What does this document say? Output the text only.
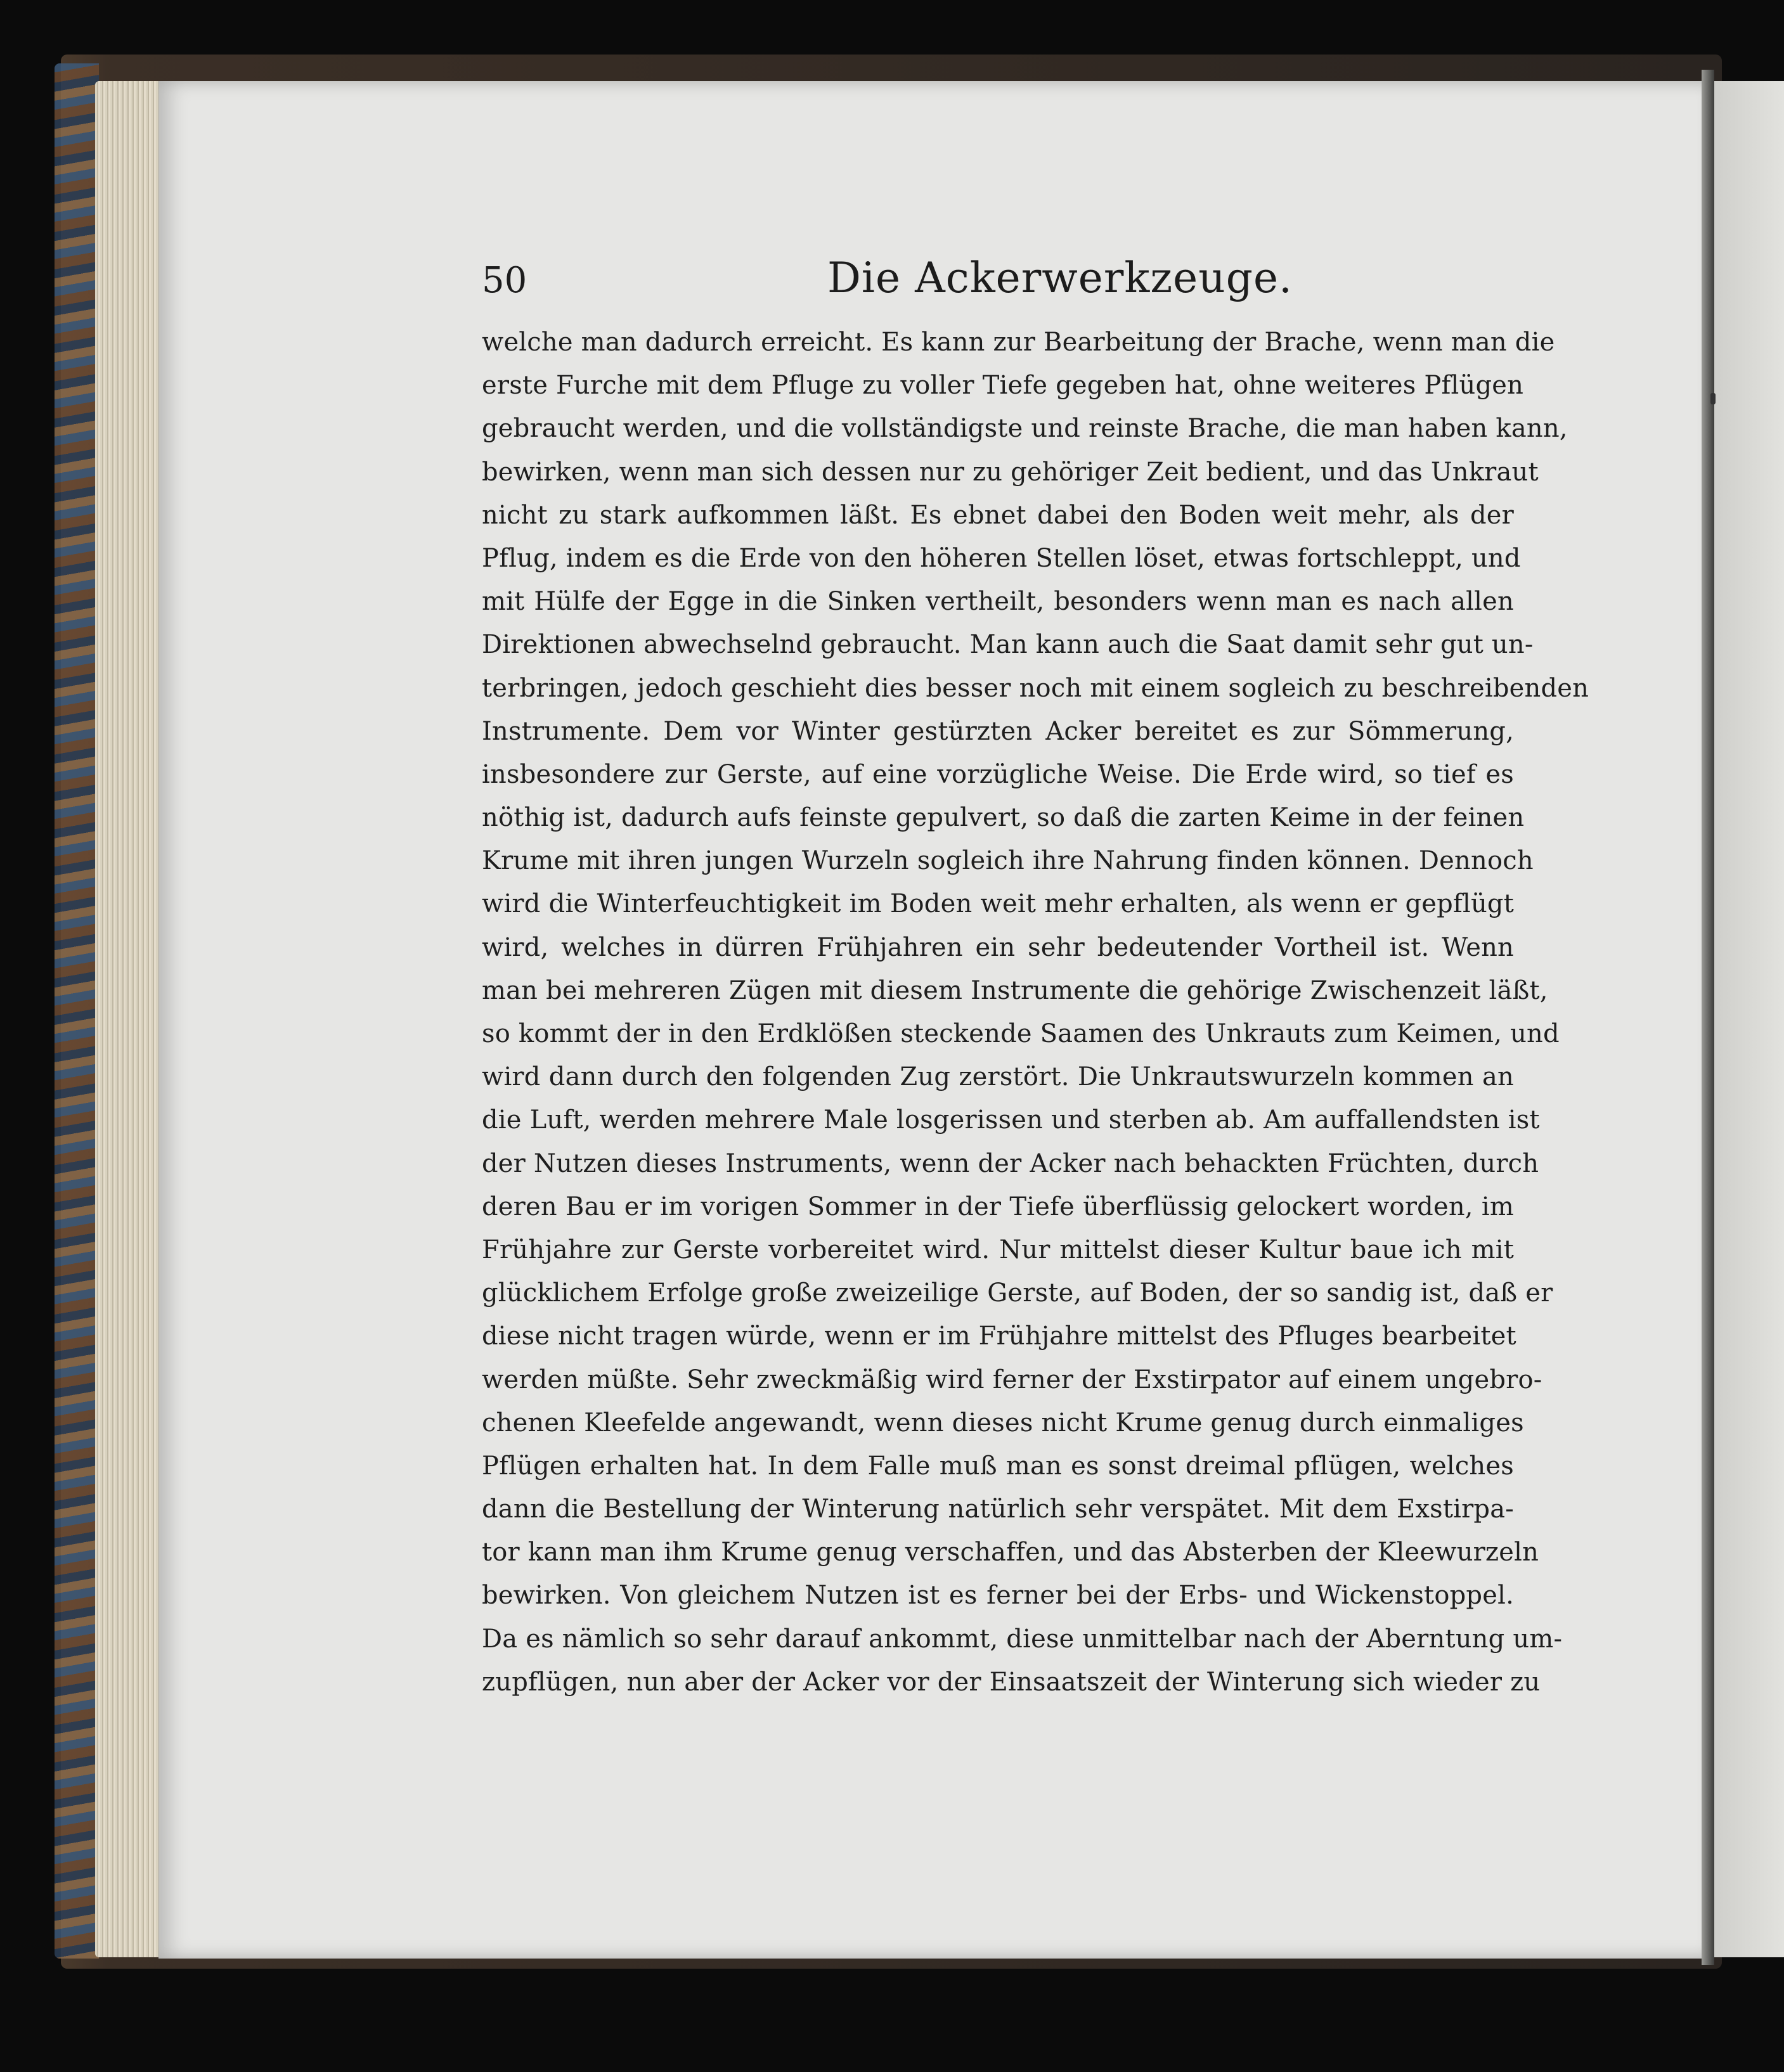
50	Die Ackerwerkzeuge.
welche man dadurch erreicht. Es kann zur Bearbeitung der Brache, wenn man die
erste Furche mit dem Pfluge zu voller Tiefe gegeben hat, ohne weiteres Pflügen
gebraucht werden, und die vollständigste und reinste Brache, die man haben kann,
bewirken, wenn man sich dessen nur zu gehöriger Zeit bedient, und das Unkraut
nicht zu stark aufkommen läßt. Es ebnet dabei den Boden weit mehr, als der
Pflug, indem es die Erde von den höheren Stellen löset, etwas fortschleppt, und
mit Hülfe der Egge in die Sinken vertheilt, besonders wenn man es nach allen
Direktionen abwechselnd gebraucht. Man kann auch die Saat damit sehr gut un-
terbringen, jedoch geschieht dies besser noch mit einem sogleich zu beschreibenden
Instrumente. Dem vor Winter gestürzten Acker bereitet es zur Sömmerung,
insbesondere zur Gerste, auf eine vorzügliche Weise. Die Erde wird, so tief es
nöthig ist, dadurch aufs feinste gepulvert, so daß die zarten Keime in der feinen
Krume mit ihren jungen Wurzeln sogleich ihre Nahrung finden können. Dennoch
wird die Winterfeuchtigkeit im Boden weit mehr erhalten, als wenn er gepflügt
wird, welches in dürren Frühjahren ein sehr bedeutender Vortheil ist. Wenn
man bei mehreren Zügen mit diesem Instrumente die gehörige Zwischenzeit läßt,
so kommt der in den Erdklößen steckende Saamen des Unkrauts zum Keimen, und
wird dann durch den folgenden Zug zerstört. Die Unkrautswurzeln kommen an
die Luft, werden mehrere Male losgerissen und sterben ab. Am auffallendsten ist
der Nutzen dieses Instruments, wenn der Acker nach behackten Früchten, durch
deren Bau er im vorigen Sommer in der Tiefe überflüssig gelockert worden, im
Frühjahre zur Gerste vorbereitet wird. Nur mittelst dieser Kultur baue ich mit
glücklichem Erfolge große zweizeilige Gerste, auf Boden, der so sandig ist, daß er
diese nicht tragen würde, wenn er im Frühjahre mittelst des Pfluges bearbeitet
werden müßte. Sehr zweckmäßig wird ferner der Exstirpator auf einem ungebro-
chenen Kleefelde angewandt, wenn dieses nicht Krume genug durch einmaliges
Pflügen erhalten hat. In dem Falle muß man es sonst dreimal pflügen, welches
dann die Bestellung der Winterung natürlich sehr verspätet. Mit dem Exstirpa-
tor kann man ihm Krume genug verschaffen, und das Absterben der Kleewurzeln
bewirken. Von gleichem Nutzen ist es ferner bei der Erbs- und Wickenstoppel.
Da es nämlich so sehr darauf ankommt, diese unmittelbar nach der Aberntung um-
zupflügen, nun aber der Acker vor der Einsaatszeit der Winterung sich wieder zu
